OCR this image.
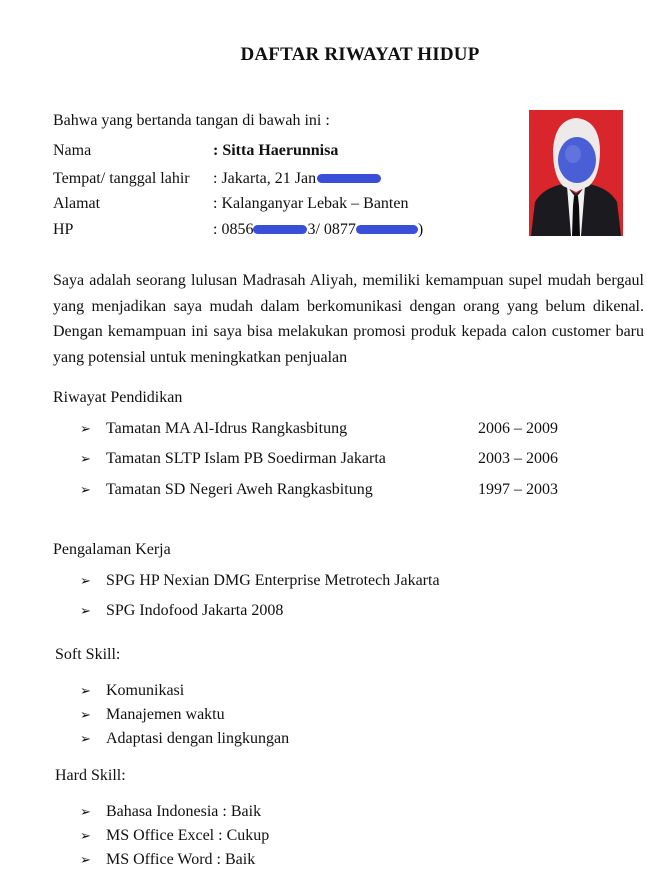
DAFTAR RIWAYAT HIDUP
Bahwa yang bertanda tangan di bawah ini :
Nama	: Sitta Haerunnisa
Tempat/ tanggal lahir : Jakarta, 21 Jan
Alamat	: Kalanganyar Lebak – Banten
HP	: 0856	3/ 0877	)

Saya adalah seorang lulusan Madrasah Aliyah, memiliki kemampuan supel mudah bergaul yang menjadikan saya mudah dalam berkomunikasi dengan orang yang belum dikenal. Dengan kemampuan ini saya bisa melakukan promosi produk kepada calon customer baru yang potensial untuk meningkatkan penjualan

Riwayat Pendidikan
➢ Tamatan MA Al-Idrus Rangkasbitung	2006 – 2009
➢ Tamatan SLTP Islam PB Soedirman Jakarta	2003 – 2006
➢ Tamatan SD Negeri Aweh Rangkasbitung	1997 – 2003
Pengalaman Kerja
➢ SPG HP Nexian DMG Enterprise Metrotech Jakarta
➢ SPG Indofood Jakarta 2008
Soft Skill:
➢ Komunikasi
➢ Manajemen waktu
➢ Adaptasi dengan lingkungan
Hard Skill:
➢ Bahasa Indonesia : Baik
➢ MS Office Excel : Cukup
➢ MS Office Word : Baik
